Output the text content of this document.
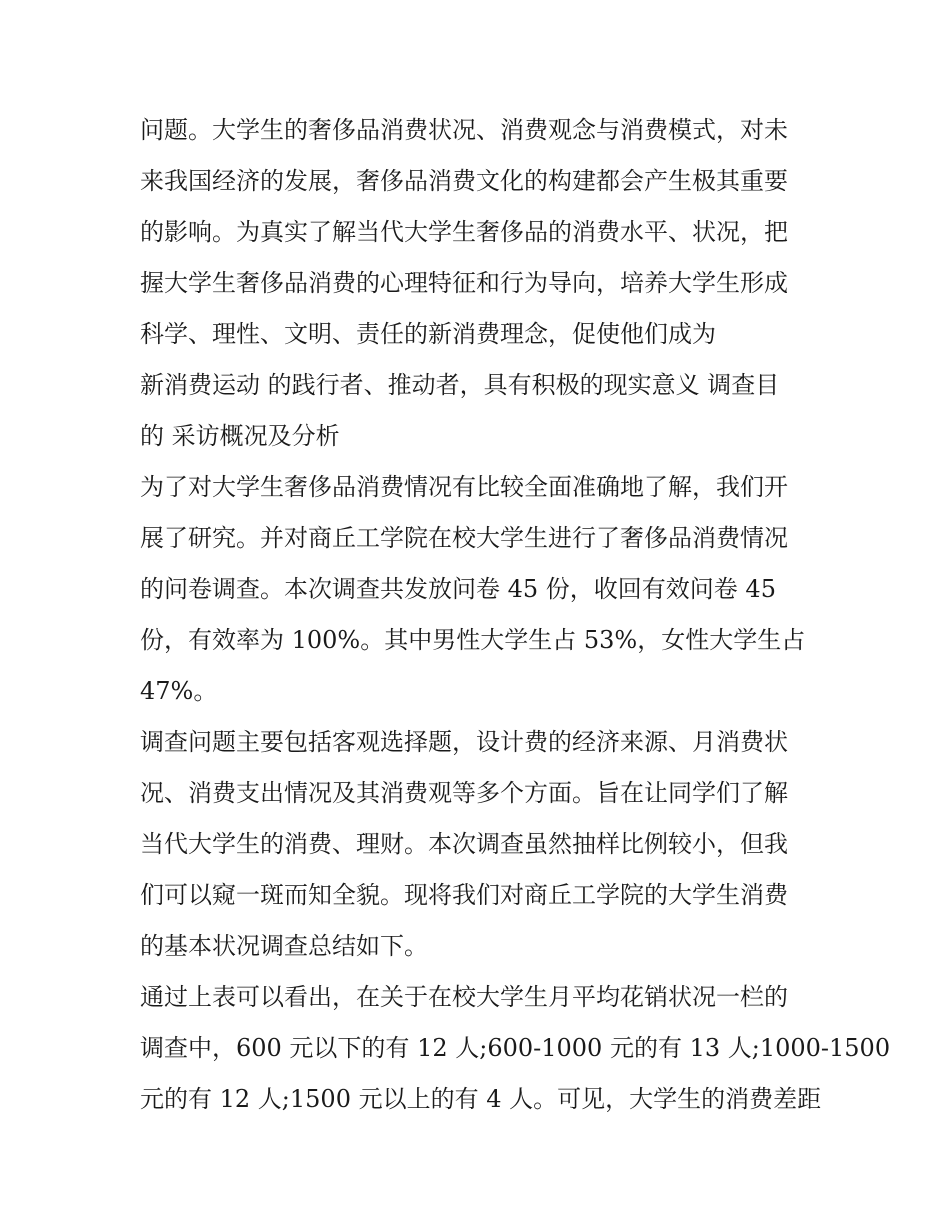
问题。大学生的奢侈品消费状况、消费观念与消费模式，对未
来我国经济的发展，奢侈品消费文化的构建都会产生极其重要
的影响。为真实了解当代大学生奢侈品的消费水平、状况，把
握大学生奢侈品消费的心理特征和行为导向，培养大学生形成
科学、理性、文明、责任的新消费理念，促使他们成为
新消费运动 的践行者、推动者，具有积极的现实意义 调查目
的 采访概况及分析
为了对大学生奢侈品消费情况有比较全面准确地了解，我们开
展了研究。并对商丘工学院在校大学生进行了奢侈品消费情况
的问卷调查。本次调查共发放问卷 45 份，收回有效问卷 45
份，有效率为 100%。其中男性大学生占 53%，女性大学生占
47%。
调查问题主要包括客观选择题，设计费的经济来源、月消费状
况、消费支出情况及其消费观等多个方面。旨在让同学们了解
当代大学生的消费、理财。本次调查虽然抽样比例较小，但我
们可以窥一斑而知全貌。现将我们对商丘工学院的大学生消费
的基本状况调查总结如下。
通过上表可以看出，在关于在校大学生月平均花销状况一栏的
调查中，600 元以下的有 12 人;600-1000 元的有 13 人;1000-1500
元的有 12 人;1500 元以上的有 4 人。可见，大学生的消费差距
